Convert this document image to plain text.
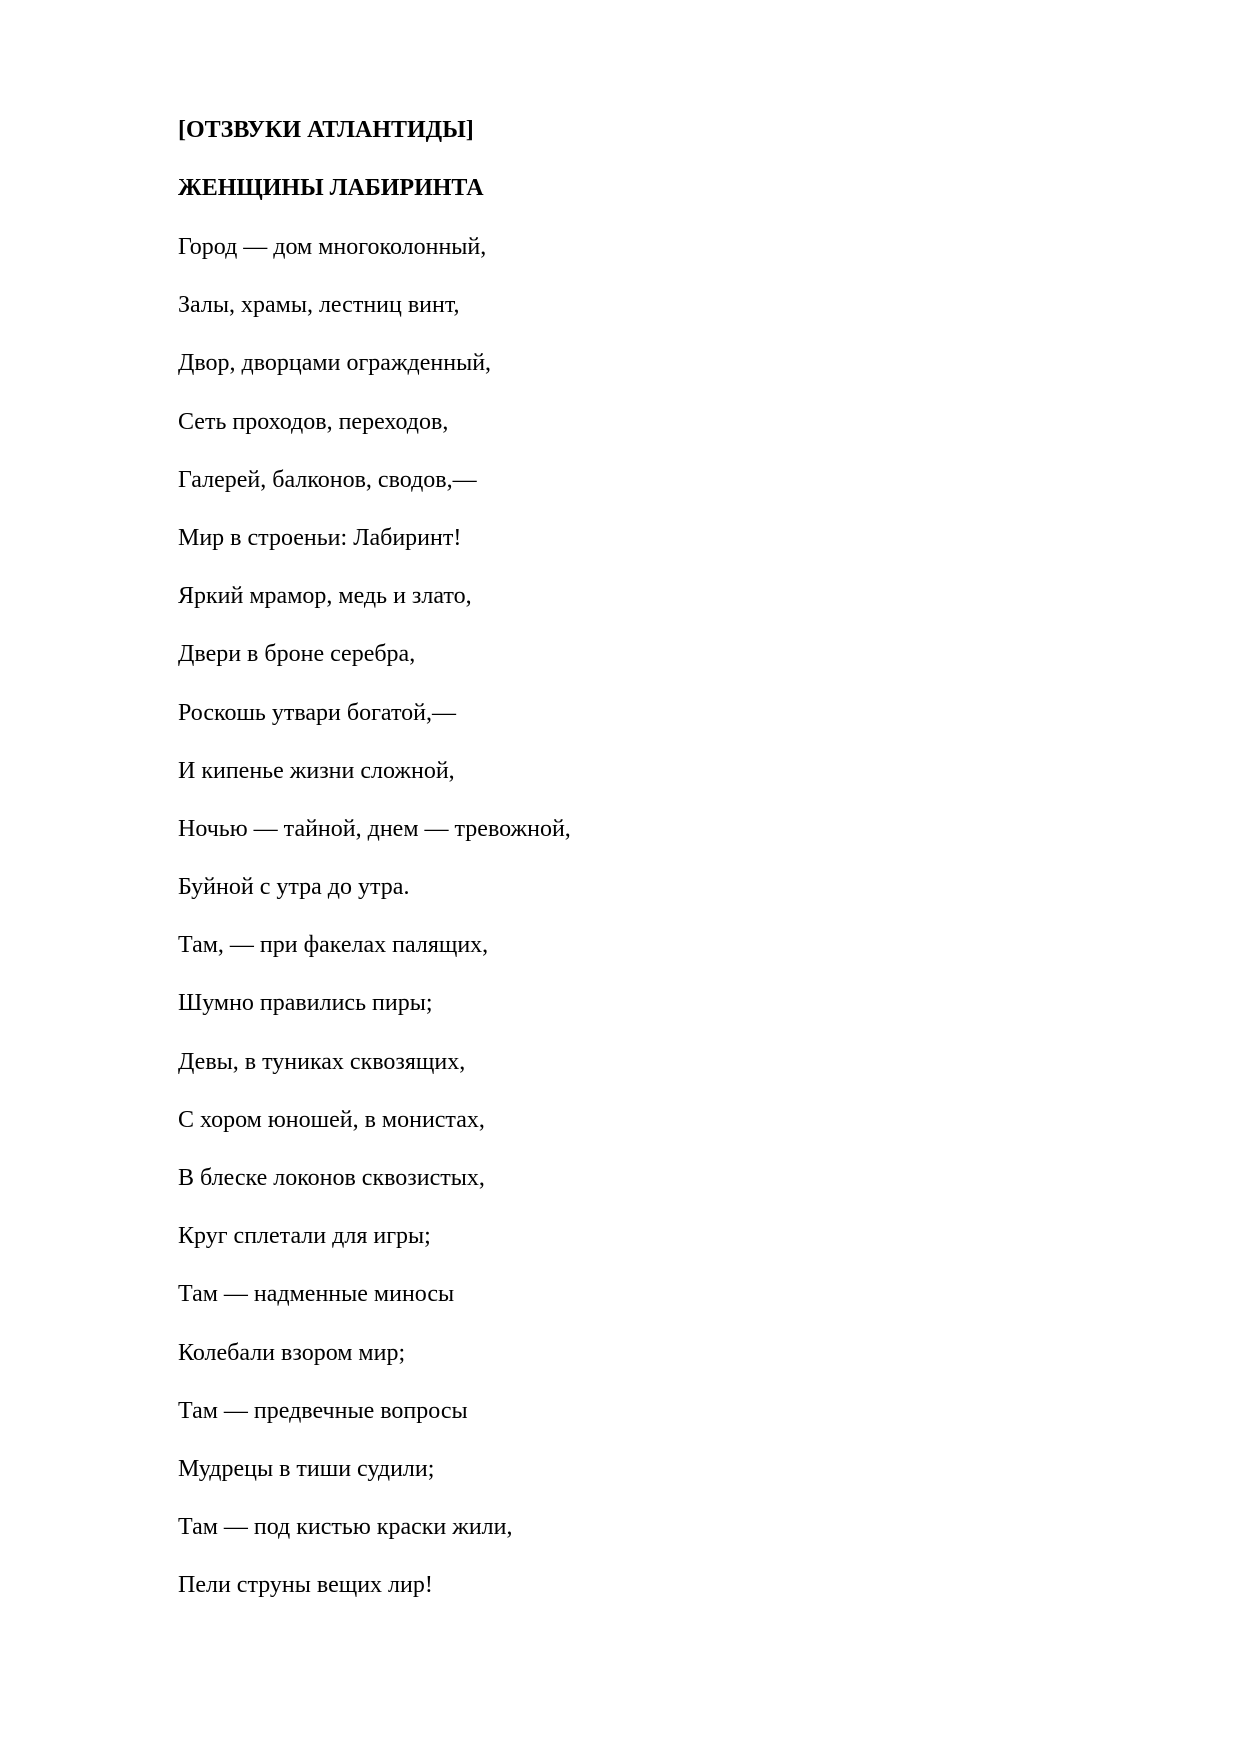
[ОТЗВУКИ АТЛАНТИДЫ]
ЖЕНЩИНЫ ЛАБИРИНТА
Город — дом многоколонный,
Залы, храмы, лестниц винт,
Двор, дворцами огражденный,
Сеть проходов, переходов,
Галерей, балконов, сводов,—
Мир в строеньи: Лабиринт!
Яркий мрамор, медь и злато,
Двери в броне серебра,
Роскошь утвари богатой,—
И кипенье жизни сложной,
Ночью — тайной, днем — тревожной,
Буйной с утра до утра.
Там, — при факелах палящих,
Шумно правились пиры;
Девы, в туниках сквозящих,
С хором юношей, в монистах,
В блеске локонов сквозистых,
Круг сплетали для игры;
Там — надменные миносы
Колебали взором мир;
Там — предвечные вопросы
Мудрецы в тиши судили;
Там — под кистью краски жили,
Пели струны вещих лир!
